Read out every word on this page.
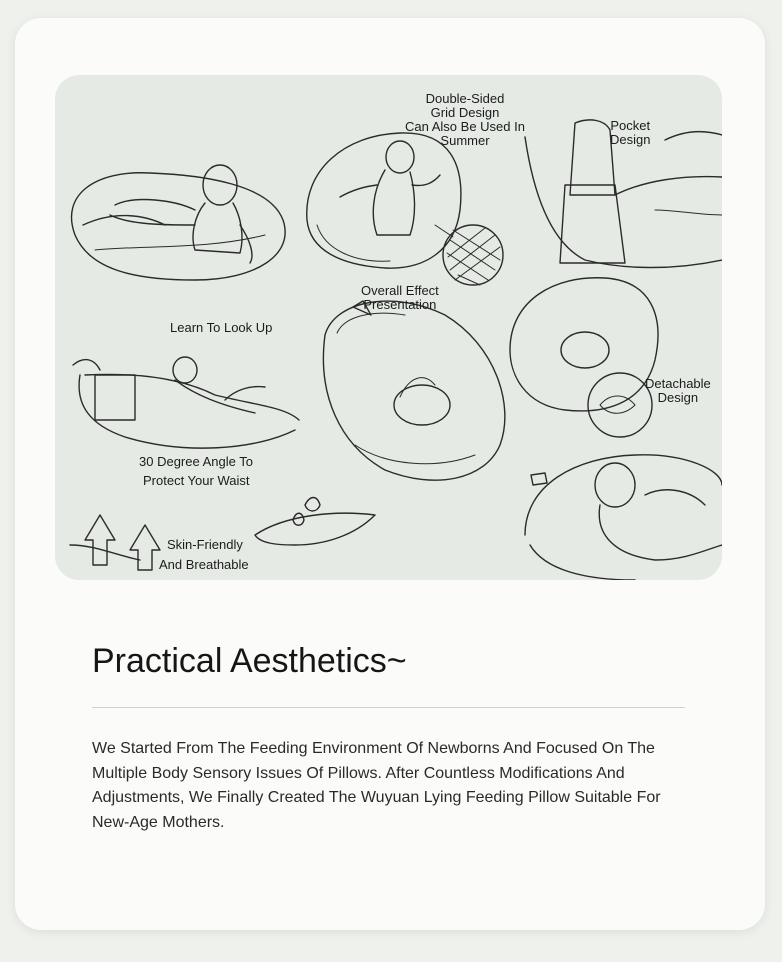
Learn To Look Up
Double-Sided
Grid Design
Can Also Be Used In
Summer
Pocket
Design
Overall Effect
Presentation
Detachable
Design
30 Degree Angle To
Protect Your Waist
Skin-Friendly
And Breathable
Practical Aesthetics~

We Started From The Feeding Environment Of Newborns And Focused On The Multiple Body Sensory Issues Of Pillows. After Countless Modifications And Adjustments, We Finally Created The Wuyuan Lying Feeding Pillow Suitable For New-Age Mothers.
